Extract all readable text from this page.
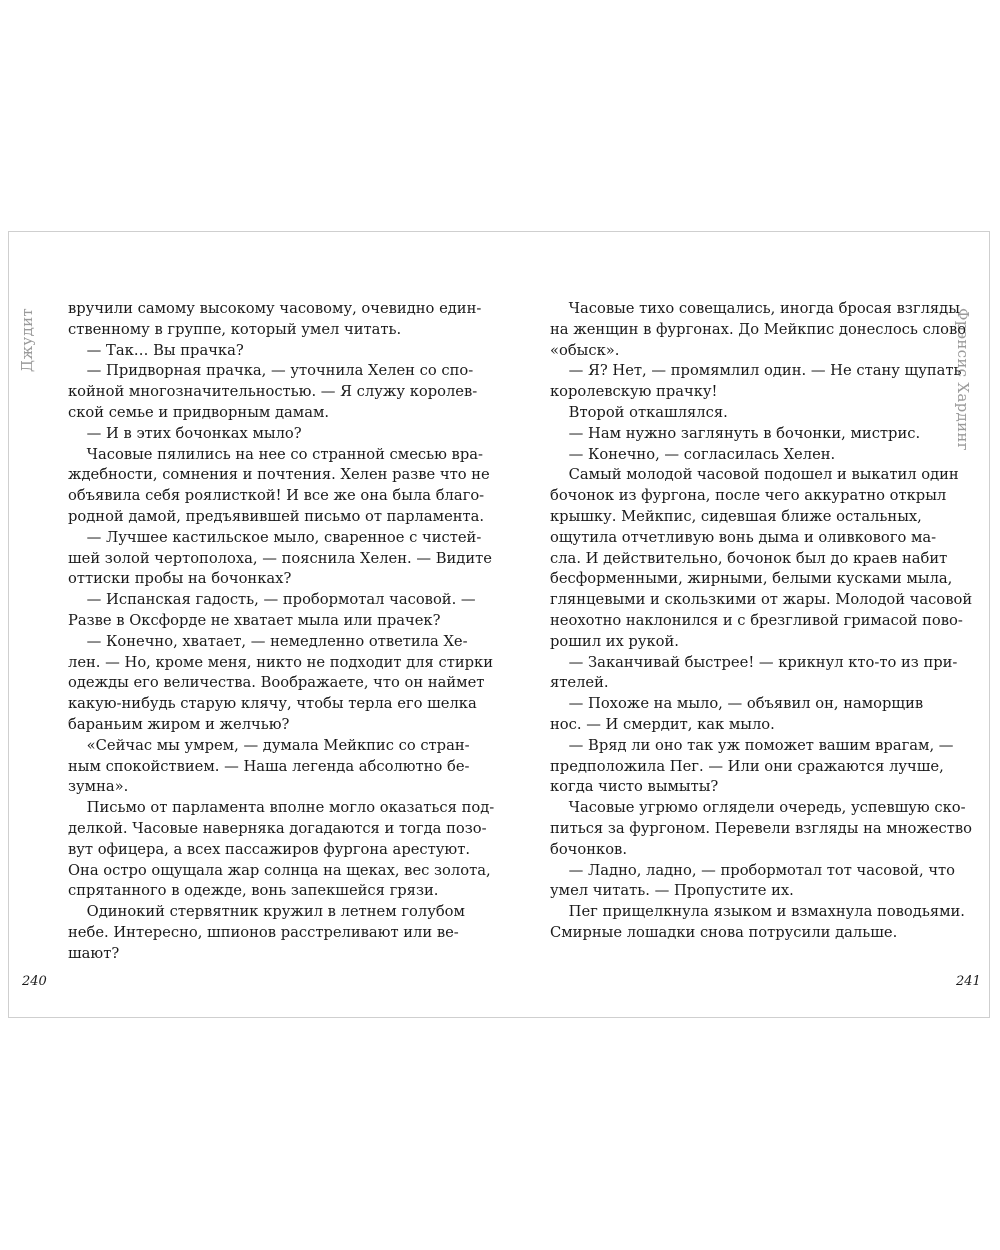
Джудит	Фрэнсис Хардинг
вручили самому высокому часовому, очевидно един-
ственному в группе, который умел читать.
— Так… Вы прачка?
— Придворная прачка, — уточнила Хелен со спо-
койной многозначительностью. — Я служу королев-
ской семье и придворным дамам.
— И в этих бочонках мыло?
Часовые пялились на нее со странной смесью вра-
ждебности, сомнения и почтения. Хелен разве что не
объявила себя роялисткой! И все же она была благо-
родной дамой, предъявившей письмо от парламента.
— Лучшее кастильское мыло, сваренное с чистей-
шей золой чертополоха, — пояснила Хелен. — Видите
оттиски пробы на бочонках?
— Испанская гадость, — пробормотал часовой. —
Разве в Оксфорде не хватает мыла или прачек?
— Конечно, хватает, — немедленно ответила Хе-
лен. — Но, кроме меня, никто не подходит для стирки
одежды его величества. Воображаете, что он наймет
какую-нибудь старую клячу, чтобы терла его шелка
бараньим жиром и желчью?
«Сейчас мы умрем, — думала Мейкпис со стран-
ным спокойствием. — Наша легенда абсолютно бе-
зумна».
Письмо от парламента вполне могло оказаться под-
делкой. Часовые наверняка догадаются и тогда позо-
вут офицера, а всех пассажиров фургона арестуют.
Она остро ощущала жар солнца на щеках, вес золота,
спрятанного в одежде, вонь запекшейся грязи.
Одинокий стервятник кружил в летнем голубом
небе. Интересно, шпионов расстреливают или ве-
шают?
Часовые тихо совещались, иногда бросая взгляды
на женщин в фургонах. До Мейкпис донеслось слово
«обыск».
— Я? Нет, — промямлил один. — Не стану щупать
королевскую прачку!
Второй откашлялся.
— Нам нужно заглянуть в бочонки, мистрис.
— Конечно, — согласилась Хелен.
Самый молодой часовой подошел и выкатил один
бочонок из фургона, после чего аккуратно открыл
крышку. Мейкпис, сидевшая ближе остальных,
ощутила отчетливую вонь дыма и оливкового ма-
сла. И действительно, бочонок был до краев набит
бесформенными, жирными, белыми кусками мыла,
глянцевыми и скользкими от жары. Молодой часовой
неохотно наклонился и с брезгливой гримасой пово-
рошил их рукой.
— Заканчивай быстрее! — крикнул кто-то из при-
ятелей.
— Похоже на мыло, — объявил он, наморщив
нос. — И смердит, как мыло.
— Вряд ли оно так уж поможет вашим врагам, —
предположила Пег. — Или они сражаются лучше,
когда чисто вымыты?
Часовые угрюмо оглядели очередь, успевшую ско-
питься за фургоном. Перевели взгляды на множество
бочонков.
— Ладно, ладно, — пробормотал тот часовой, что
умел читать. — Пропустите их.
Пег прищелкнула языком и взмахнула поводьями.
Смирные лошадки снова потрусили дальше.
240	241
